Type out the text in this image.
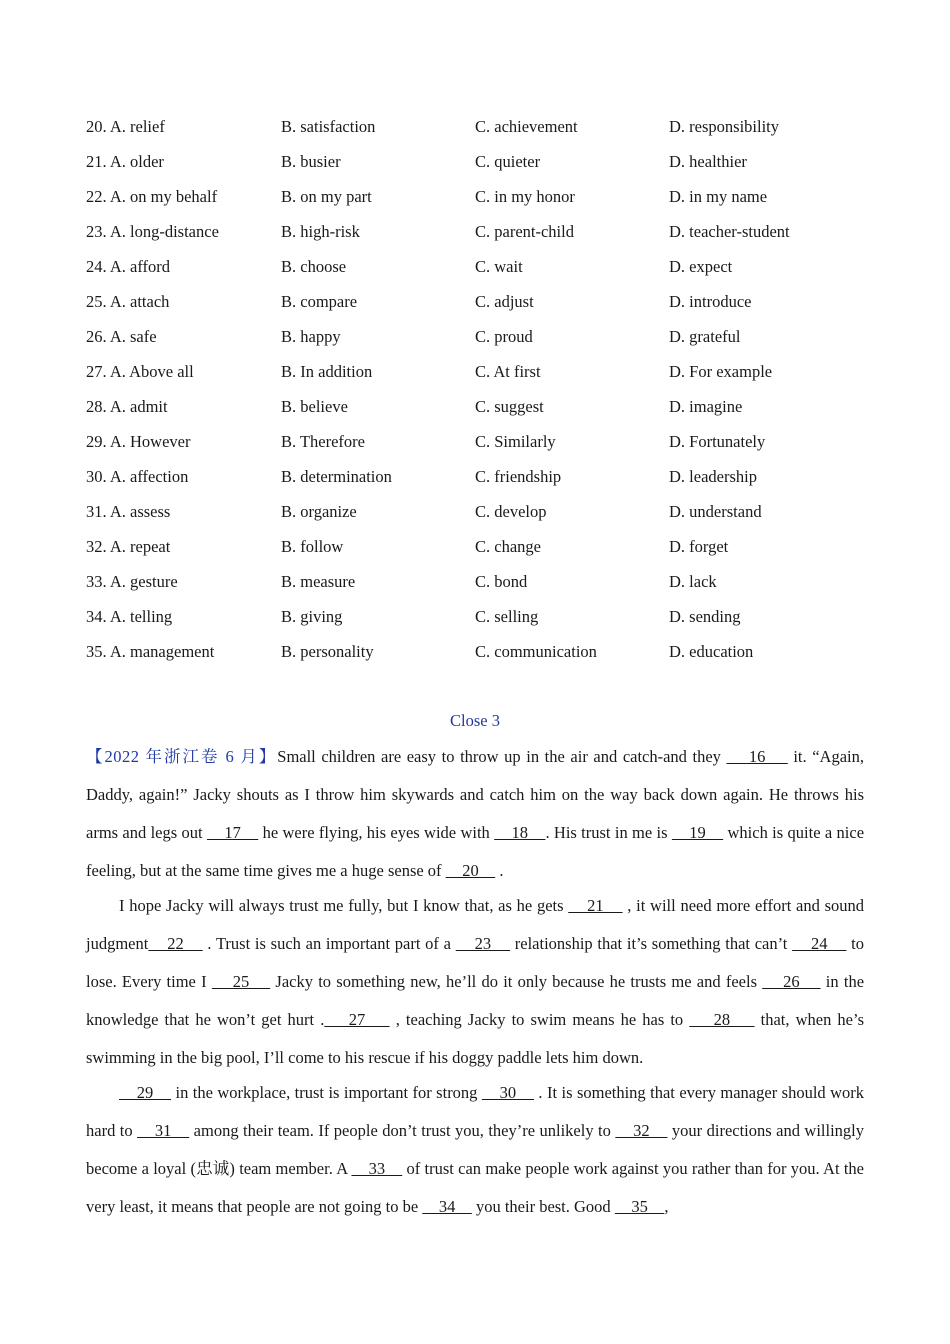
20. A. relief	B. satisfaction	C. achievement	D. responsibility
21. A. older	B. busier	C. quieter	D. healthier
22. A. on my behalf	B. on my part	C. in my honor	D. in my name
23. A. long-distance	B. high-risk	C. parent-child	D. teacher-student
24. A. afford	B. choose	C. wait	D. expect
25. A. attach	B. compare	C. adjust	D. introduce
26. A. safe	B. happy	C. proud	D. grateful
27. A. Above all	B. In addition	C. At first	D. For example
28. A. admit	B. believe	C. suggest	D. imagine
29. A. However	B. Therefore	C. Similarly	D. Fortunately
30. A. affection	B. determination	C. friendship	D. leadership
31. A. assess	B. organize	C. develop	D. understand
32. A. repeat	B. follow	C. change	D. forget
33. A. gesture	B. measure	C. bond	D. lack
34. A. telling	B. giving	C. selling	D. sending
35. A. management	B. personality	C. communication	D. education
Close 3

【2022 年浙江卷 6 月】Small children are easy to throw up in the air and catch-and they     16     it. “Again, Daddy, again!” Jacky shouts as I throw him skywards and catch him on the way back down again. He throws his arms and legs out     17     he were flying, his eyes wide with     18    . His trust in me is     19     which is quite a nice feeling, but at the same time gives me a huge sense of     20     .

I hope Jacky will always trust me fully, but I know that, as he gets     21     , it will need more effort and sound judgment    22     . Trust is such an important part of a     23     relationship that it’s something that can’t     24     to lose. Every time I     25     Jacky to something new, he’ll do it only because he trusts me and feels     26     in the knowledge that he won’t get hurt .    27     , teaching Jacky to swim means he has to     28     that, when he’s swimming in the big pool, I’ll come to his rescue if his doggy paddle lets him down.

29     in the workplace, trust is important for strong     30     . It is something that every manager should work hard to     31     among their team. If people don’t trust you, they’re unlikely to     32     your directions and willingly become a loyal (忠诚) team member. A     33     of trust can make people work against you rather than for you. At the very least, it means that people are not going to be     34     you their best. Good     35    ,
